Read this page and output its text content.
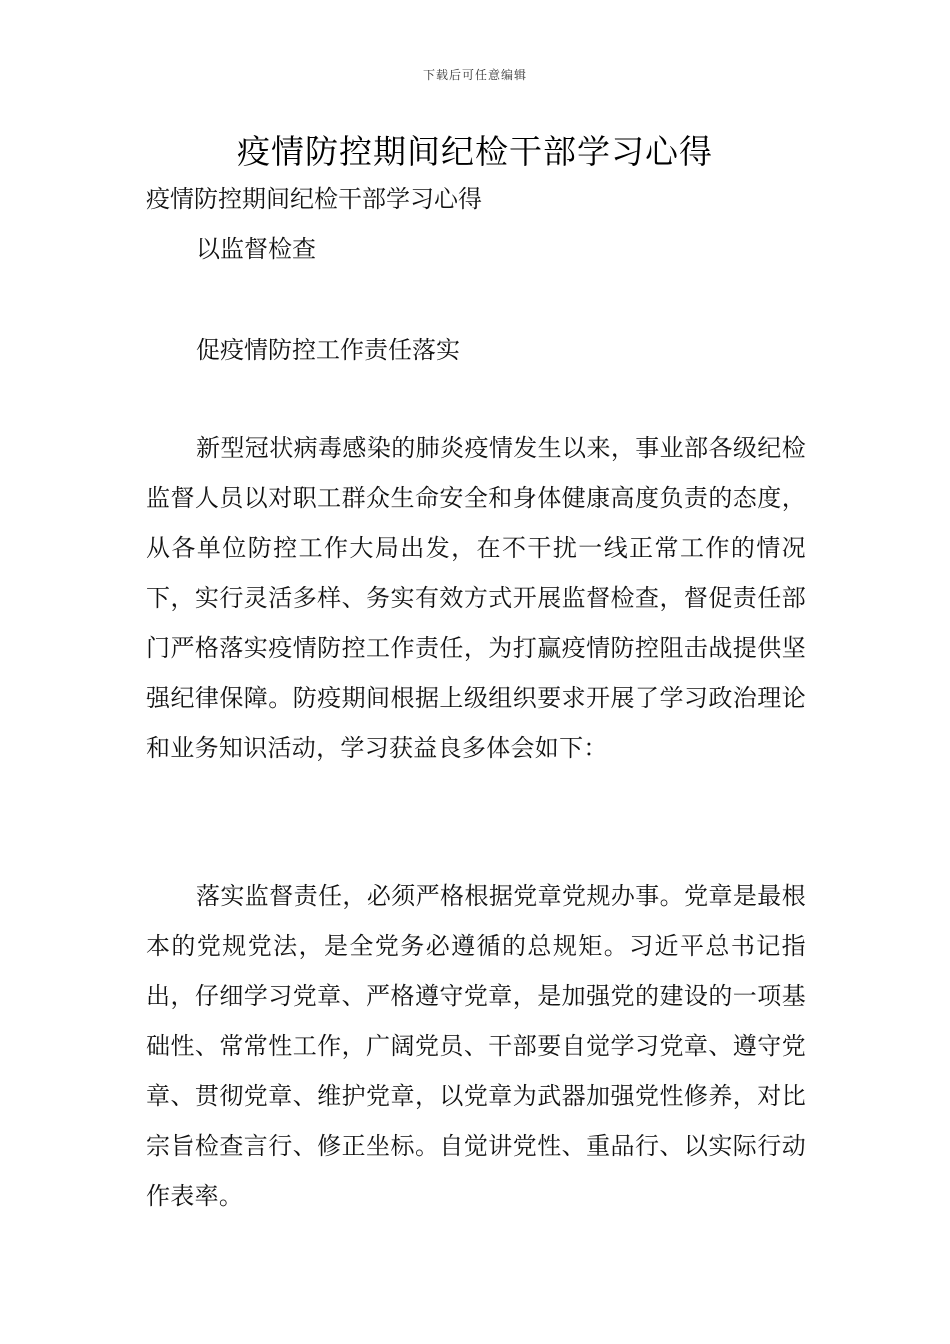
下载后可任意编辑
疫情防控期间纪检干部学习心得

疫情防控期间纪检干部学习心得

以监督检查

促疫情防控工作责任落实

新型冠状病毒感染的肺炎疫情发生以来，事业部各级纪检监督人员以对职工群众生命安全和身体健康高度负责的态度，从各单位防控工作大局出发，在不干扰一线正常工作的情况下，实行灵活多样、务实有效方式开展监督检查，督促责任部门严格落实疫情防控工作责任，为打赢疫情防控阻击战提供坚强纪律保障。防疫期间根据上级组织要求开展了学习政治理论和业务知识活动，学习获益良多体会如下：

落实监督责任，必须严格根据党章党规办事。党章是最根本的党规党法，是全党务必遵循的总规矩。习近平总书记指出，仔细学习党章、严格遵守党章，是加强党的建设的一项基础性、常常性工作，广阔党员、干部要自觉学习党章、遵守党章、贯彻党章、维护党章，以党章为武器加强党性修养，对比宗旨检查言行、修正坐标。自觉讲党性、重品行、以实际行动作表率。
